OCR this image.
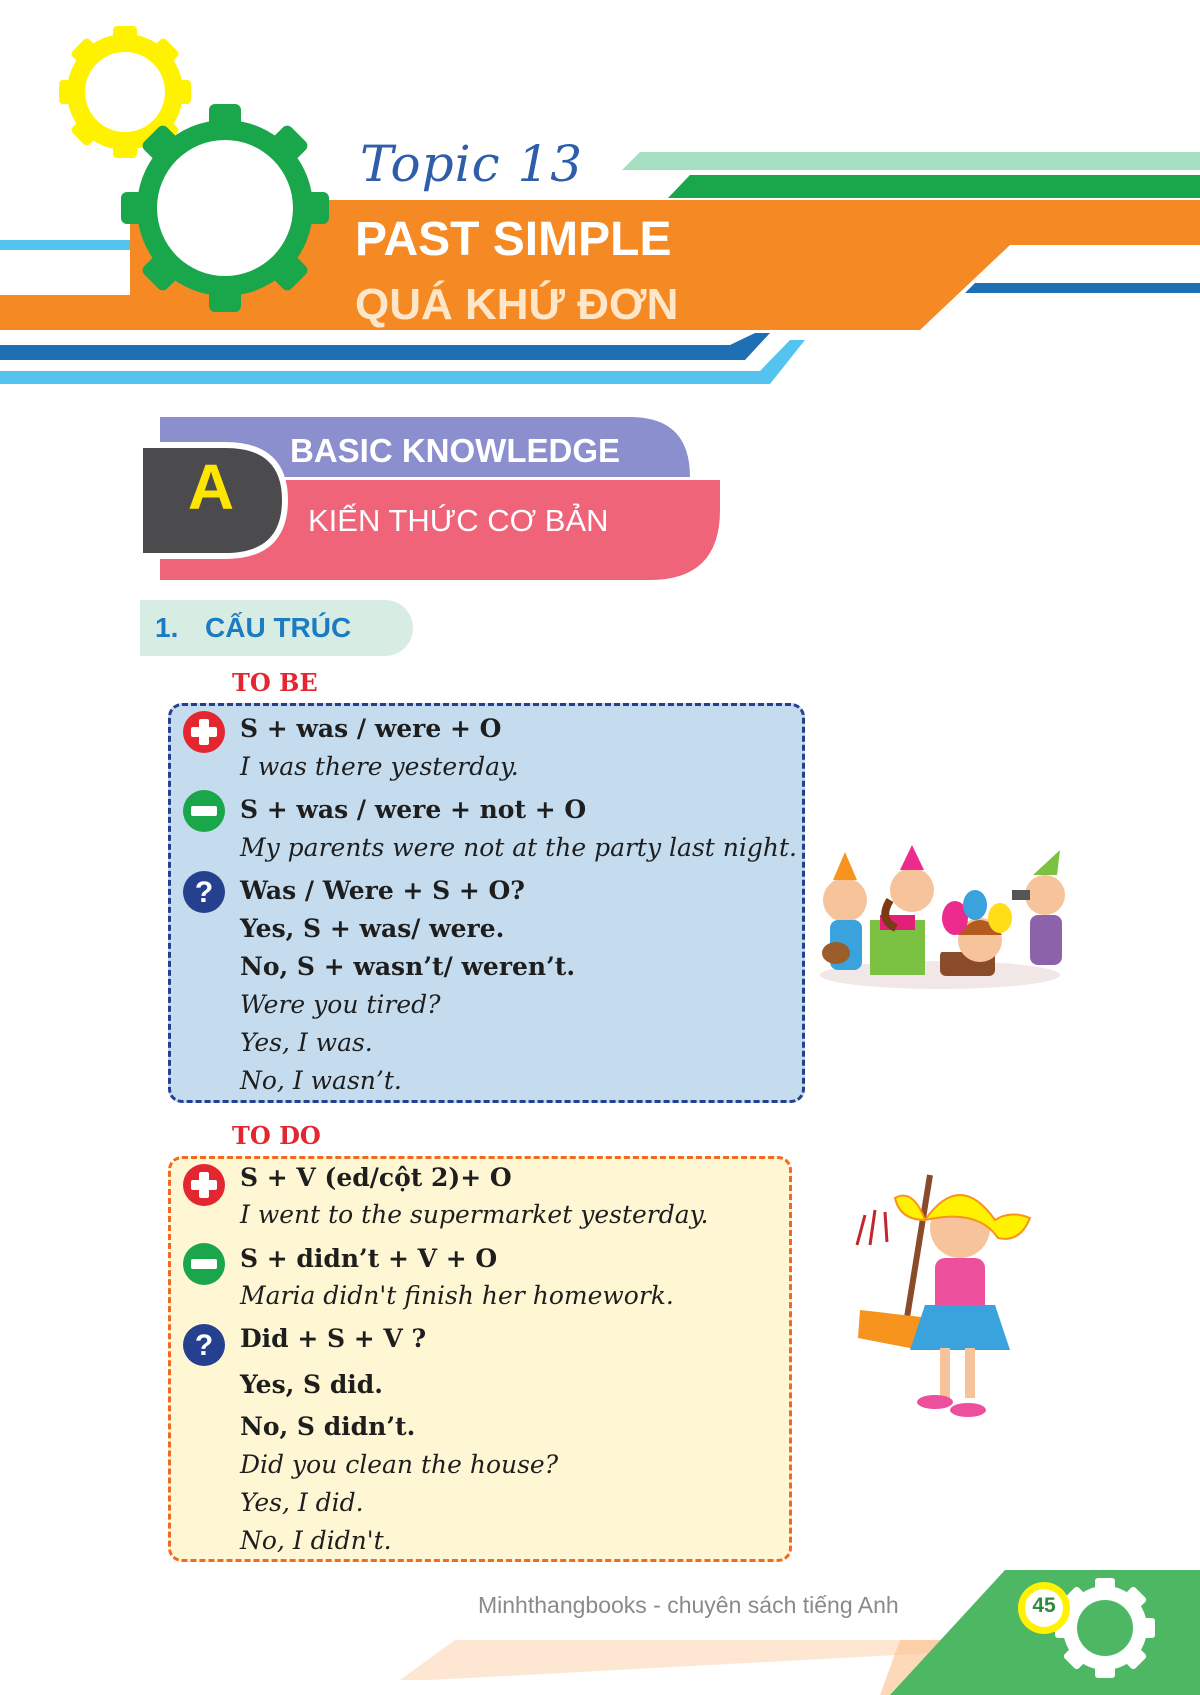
Topic 13
PAST SIMPLE
QUÁ KHỨ ĐƠN
A
BASIC KNOWLEDGE
KIẾN THỨC CƠ BẢN
1. CẤU TRÚC
TO BE
?
S + was / were + O
I was there yesterday.
S + was / were + not + O
My parents were not at the party last night.
Was / Were + S + O?
Yes, S + was/ were.
No, S + wasn’t/ weren’t.
Were you tired?
Yes, I was.
No, I wasn’t.
TO DO
?
S + V (ed/cột 2)+ O
I went to the supermarket yesterday.
S + didn’t + V + O
Maria didn't finish her homework.
Did + S + V ?
Yes, S did.
No, S didn’t.
Did you clean the house?
Yes, I did.
No, I didn't.
Minhthangbooks - chuyên sách tiếng Anh	45
